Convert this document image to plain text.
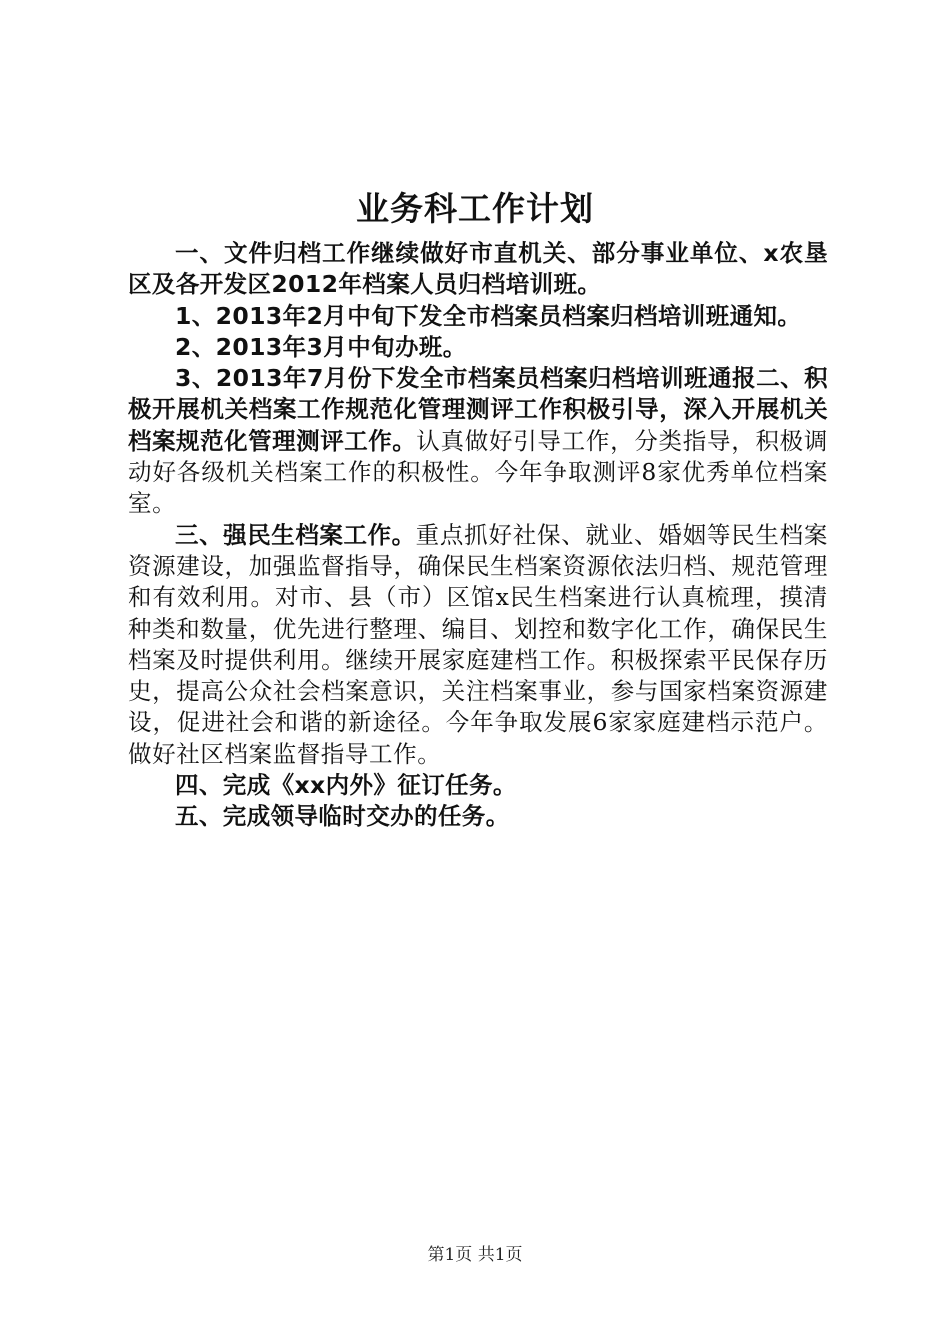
业务科工作计划

一、文件归档工作继续做好市直机关、部分事业单位、x农垦区及各开发区2012年档案人员归档培训班。

1、2013年2月中旬下发全市档案员档案归档培训班通知。

2、2013年3月中旬办班。

3、2013年7月份下发全市档案员档案归档培训班通报二、积极开展机关档案工作规范化管理测评工作积极引导，深入开展机关档案规范化管理测评工作。认真做好引导工作，分类指导，积极调动好各级机关档案工作的积极性。今年争取测评8家优秀单位档案室。

三、强民生档案工作。重点抓好社保、就业、婚姻等民生档案资源建设，加强监督指导，确保民生档案资源依法归档、规范管理和有效利用。对市、县（市）区馆x民生档案进行认真梳理，摸清种类和数量，优先进行整理、编目、划控和数字化工作，确保民生档案及时提供利用。继续开展家庭建档工作。积极探索平民保存历史，提高公众社会档案意识，关注档案事业，参与国家档案资源建设，促进社会和谐的新途径。今年争取发展6家家庭建档示范户。做好社区档案监督指导工作。

四、完成《xx内外》征订任务。

五、完成领导临时交办的任务。

第1页 共1页
